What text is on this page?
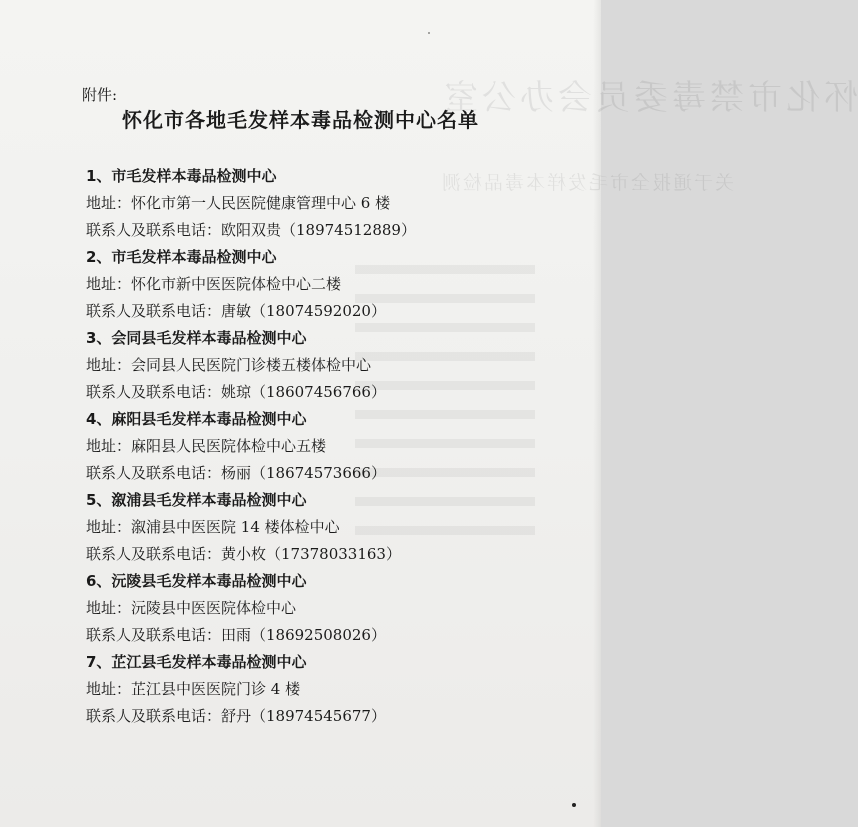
怀化市禁毒委员会办公室
关于通报全市毛发样本毒品检测

附件:

怀化市各地毛发样本毒品检测中心名单
1、市毛发样本毒品检测中心
地址：怀化市第一人民医院健康管理中心 6 楼
联系人及联系电话：欧阳双贵（18974512889）
2、市毛发样本毒品检测中心
地址：怀化市新中医医院体检中心二楼
联系人及联系电话：唐敏（18074592020）
3、会同县毛发样本毒品检测中心
地址：会同县人民医院门诊楼五楼体检中心
联系人及联系电话：姚琼（18607456766）
4、麻阳县毛发样本毒品检测中心
地址：麻阳县人民医院体检中心五楼
联系人及联系电话：杨丽（18674573666）
5、溆浦县毛发样本毒品检测中心
地址：溆浦县中医医院 14 楼体检中心
联系人及联系电话：黄小枚（17378033163）
6、沅陵县毛发样本毒品检测中心
地址：沅陵县中医医院体检中心
联系人及联系电话：田雨（18692508026）
7、芷江县毛发样本毒品检测中心
地址：芷江县中医医院门诊 4 楼
联系人及联系电话：舒丹（18974545677）
